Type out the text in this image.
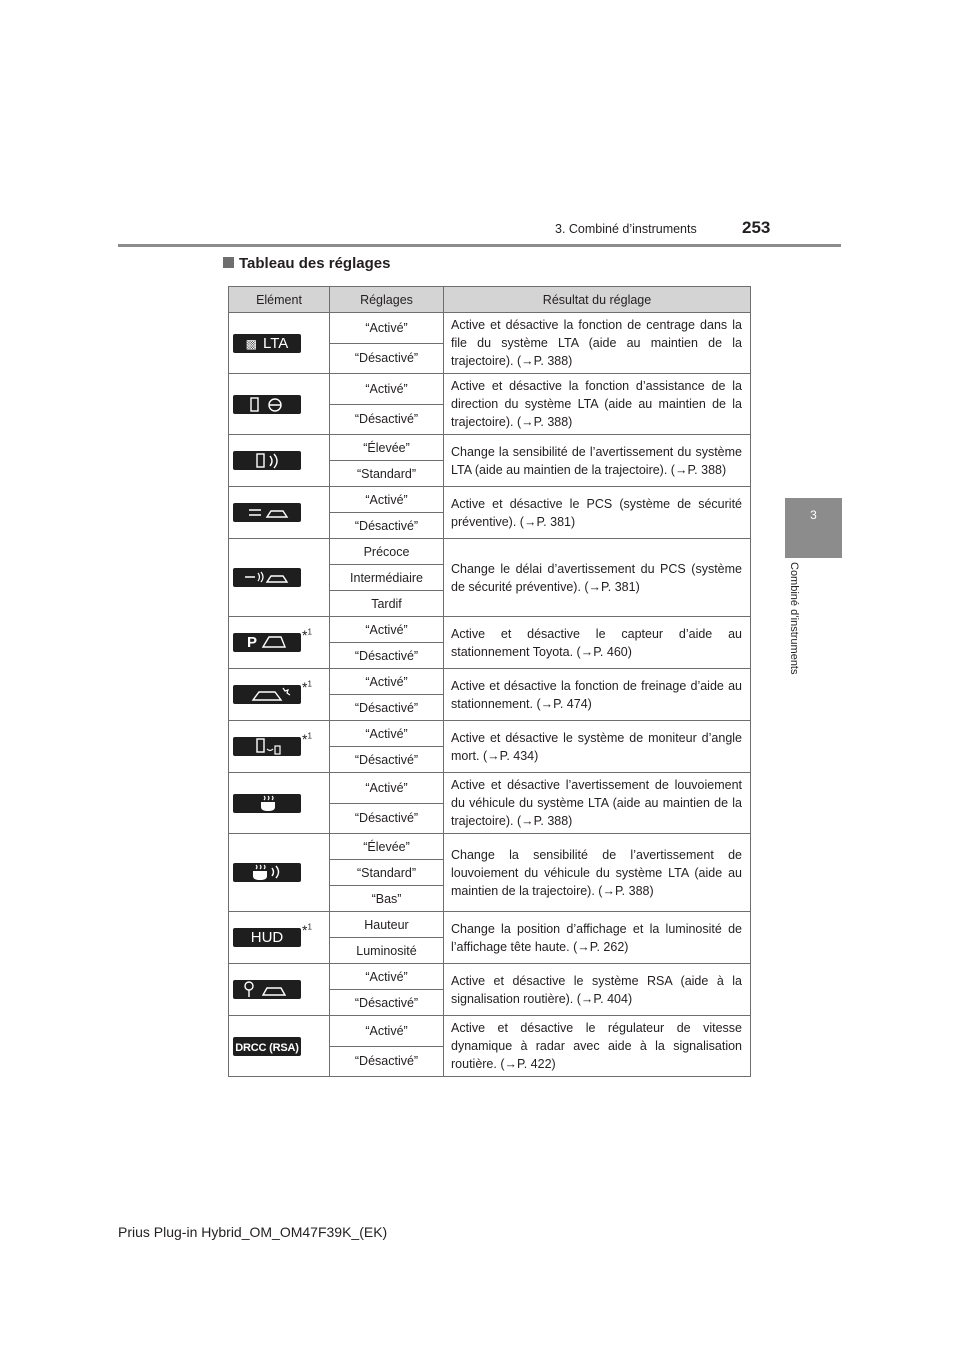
253
3. Combiné d’instruments
3
Combiné d’instruments
Tableau des réglages
Elément	Réglages	Résultat du réglage
▩ LTA	“Activé”	Active et désactive la fonction de centrage dans la file du système LTA (aide au maintien de la trajectoire). (→P. 388)
	“Désactivé”	

	“Activé”	Active et désactive la fonction d’assistance de la direction du système LTA (aide au maintien de la trajectoire). (→P. 388)
	“Désactivé”	

	“Élevée”	Change la sensibilité de l’avertissement du système LTA (aide au maintien de la trajectoire). (→P. 388)
	“Standard”	

	“Activé”	Active et désactive le PCS (système de sécurité préventive). (→P. 381)
	“Désactivé”	

	Précoce	Change le délai d’avertissement du PCS (système de sécurité préventive). (→P. 381)
	Intermédiaire	
	Tardif	
P *$^1$	“Activé”	Active et désactive le capteur d’aide au stationnement Toyota. (→P. 460)
	“Désactivé”	

*$^1$	“Activé”	Active et désactive la fonction de freinage d’aide au stationnement. (→P. 474)
	“Désactivé”	

*$^1$	“Activé”	Active et désactive le système de moniteur d’angle mort. (→P. 434)
	“Désactivé”	

	“Activé”	Active et désactive l’avertissement de louvoiement du véhicule du système LTA (aide au maintien de la trajectoire). (→P. 388)
	“Désactivé”	

	“Élevée”	Change la sensibilité de l’avertissement de louvoiement du véhicule du système LTA (aide au maintien de la trajectoire). (→P. 388)
	“Standard”	
	“Bas”	
HUD *$^1$	Hauteur	Change la position d’affichage et la luminosité de l’affichage tête haute. (→P. 262)
	Luminosité	

	“Activé”	Active et désactive le système RSA (aide à la signalisation routière). (→P. 404)
	“Désactivé”	
DRCC (RSA)	“Activé”	Active et désactive le régulateur de vitesse dynamique à radar avec aide à la signalisation routière. (→P. 422)
	“Désactivé”	
Prius Plug-in Hybrid_OM_OM47F39K_(EK)
